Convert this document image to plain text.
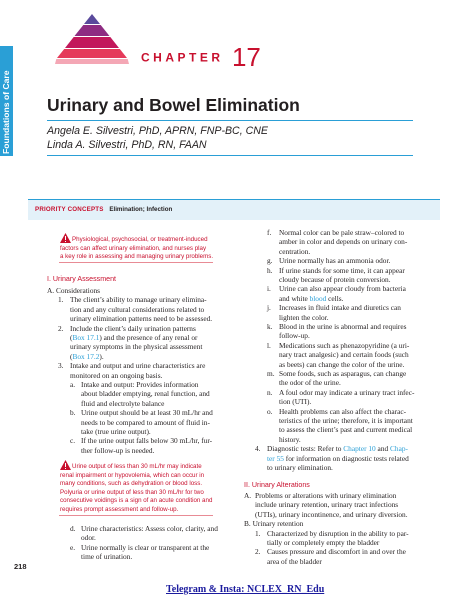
Foundations of Care
CHAPTER 17
Urinary and Bowel Elimination
Angela E. Silvestri, PhD, APRN, FNP-BC, CNE
Linda A. Silvestri, PhD, RN, FAAN
PRIORITY CONCEPTS Elimination; Infection
Physiological, psychosocial, or treatment-induced
factors can affect urinary elimination, and nurses play
a key role in assessing and managing urinary problems.
I. Urinary Assessment
A. Considerations
1. The client’s ability to manage urinary elimina-
tion and any cultural considerations related to
urinary elimination patterns need to be assessed.
2. Include the client’s daily urination patterns
(Box 17.1) and the presence of any renal or
urinary symptoms in the physical assessment
(Box 17.2).
3. Intake and output and urine characteristics are
monitored on an ongoing basis.
a. Intake and output: Provides information
about bladder emptying, renal function, and
fluid and electrolyte balance
b. Urine output should be at least 30 mL/hr and
needs to be compared to amount of fluid in-
take (true urine output).
c. If the urine output falls below 30 mL/hr, fur-
ther follow-up is needed.
Urine output of less than 30 mL/hr may indicate
renal impairment or hypovolemia, which can occur in
many conditions, such as dehydration or blood loss.
Polyuria or urine output of less than 30 mL/hr for two
consecutive voidings is a sign of an acute condition and
requires prompt assessment and follow-up.
d. Urine characteristics: Assess color, clarity, and
odor.
e. Urine normally is clear or transparent at the
time of urination.
f. Normal color can be pale straw–colored to
amber in color and depends on urinary con-
centration.
g. Urine normally has an ammonia odor.
h. If urine stands for some time, it can appear
cloudy because of protein conversion.
i. Urine can also appear cloudy from bacteria
and white blood cells.
j. Increases in fluid intake and diuretics can
lighten the color.
k. Blood in the urine is abnormal and requires
follow-up.
l. Medications such as phenazopyridine (a uri-
nary tract analgesic) and certain foods (such
as beets) can change the color of the urine.
m. Some foods, such as asparagus, can change
the odor of the urine.
n. A foul odor may indicate a urinary tract infec-
tion (UTI).
o. Health problems can also affect the charac-
teristics of the urine; therefore, it is important
to assess the client’s past and current medical
history.
4. Diagnostic tests: Refer to Chapter 10 and Chap-
ter 55 for information on diagnostic tests related
to urinary elimination.
II. Urinary Alterations
A. Problems or alterations with urinary elimination
include urinary retention, urinary tract infections
(UTIs), urinary incontinence, and urinary diversion.
B. Urinary retention
1. Characterized by disruption in the ability to par-
tially or completely empty the bladder
2. Causes pressure and discomfort in and over the
area of the bladder
218
Telegram & Insta: NCLEX_RN_Edu
